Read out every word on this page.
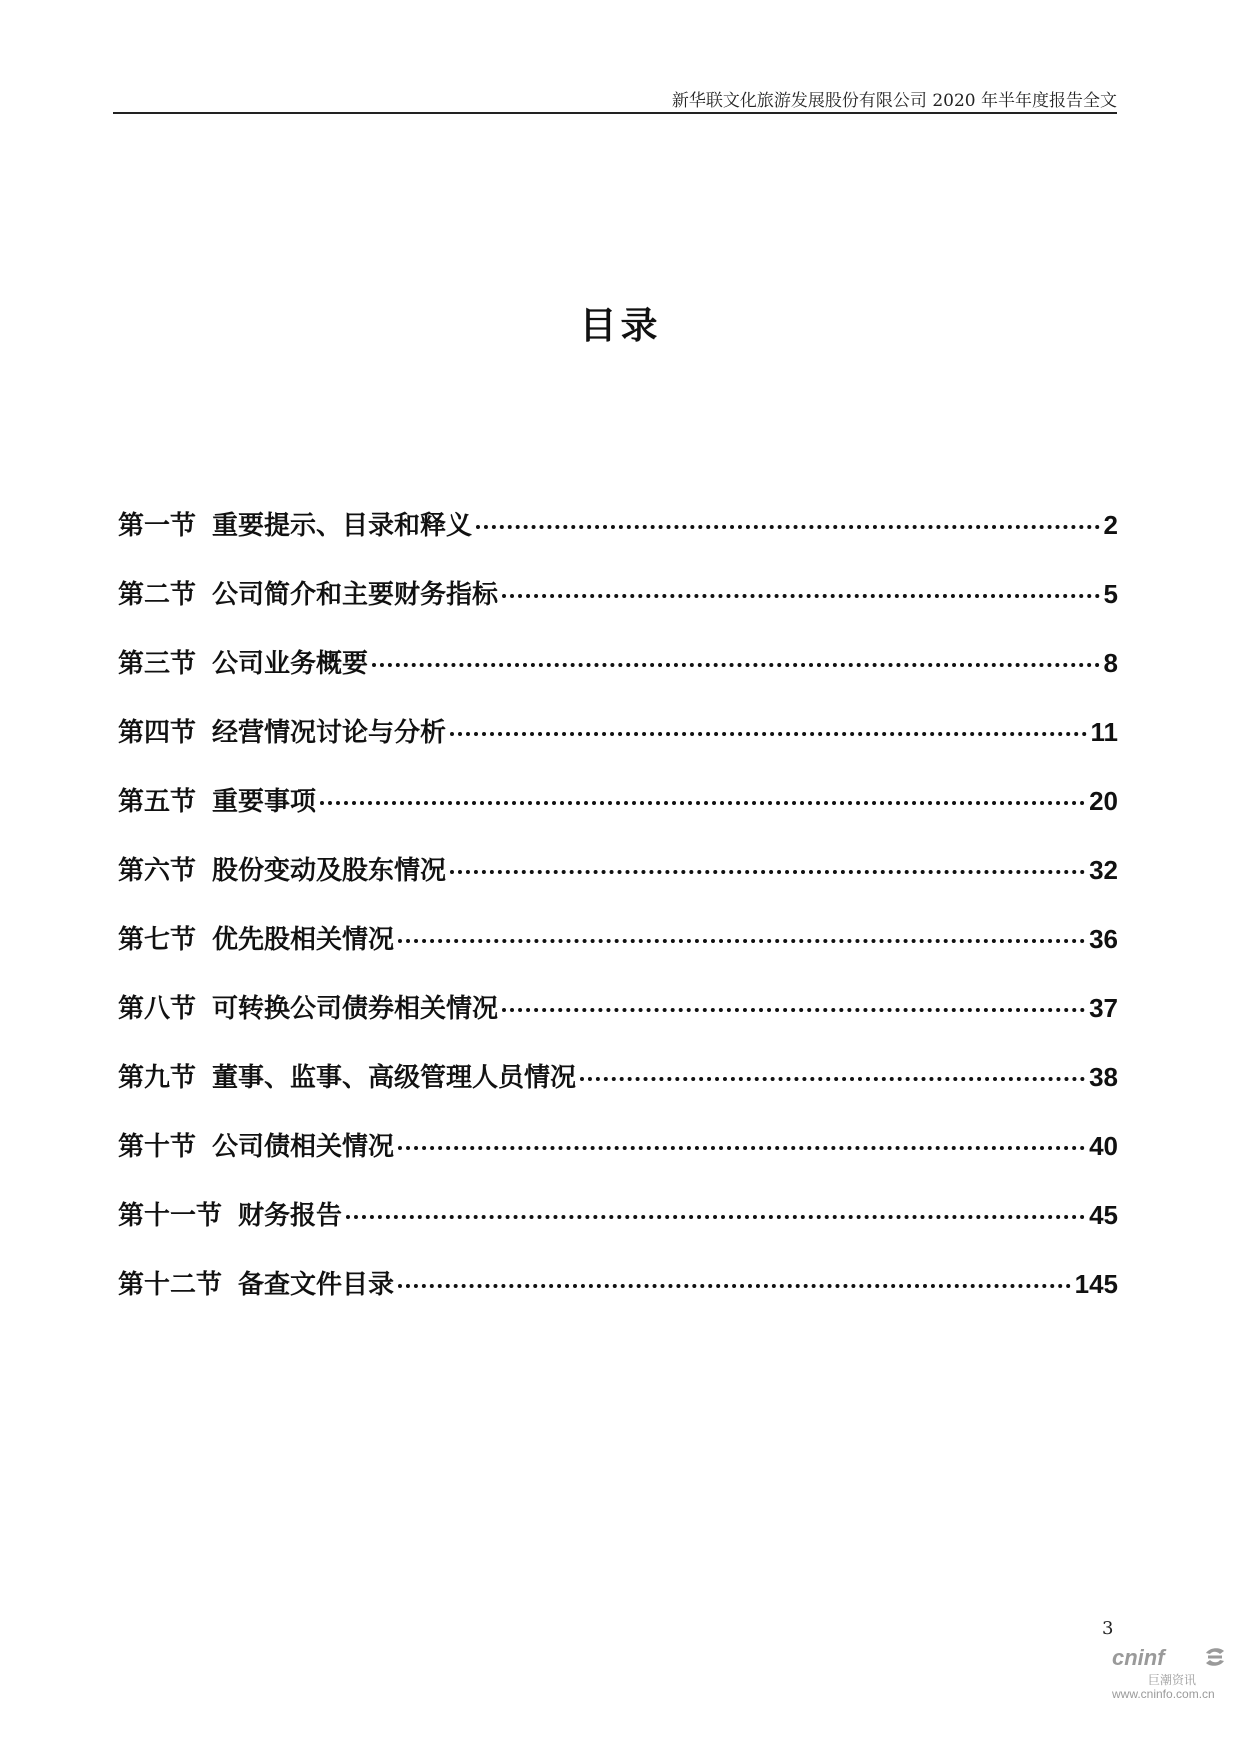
新华联文化旅游发展股份有限公司 2020 年半年度报告全文
目录
第一节 重要提示、目录和释义	2
第二节 公司简介和主要财务指标	5
第三节 公司业务概要	8
第四节 经营情况讨论与分析	11
第五节 重要事项	20
第六节 股份变动及股东情况	32
第七节 优先股相关情况	36
第八节 可转换公司债券相关情况	37
第九节 董事、监事、高级管理人员情况	38
第十节 公司债相关情况	40
第十一节 财务报告	45
第十二节 备查文件目录	145
3
cninf
巨潮资讯
www.cninfo.com.cn
